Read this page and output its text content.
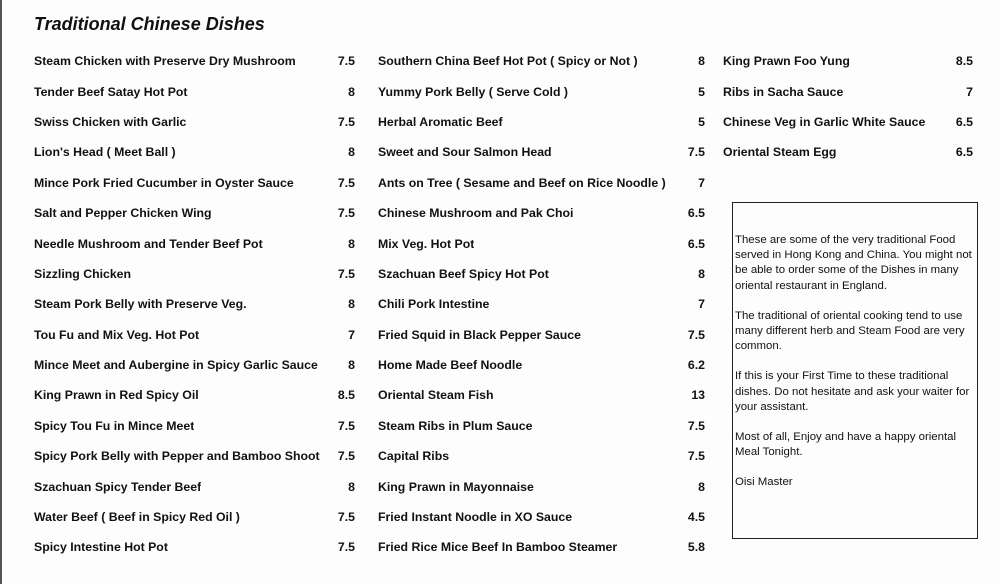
Traditional Chinese Dishes
Steam Chicken with Preserve Dry Mushroom	7.5
Tender Beef Satay Hot Pot	8
Swiss Chicken with Garlic	7.5
Lion's Head ( Meet Ball )	8
Mince Pork Fried Cucumber in Oyster Sauce	7.5
Salt and Pepper Chicken Wing	7.5
Needle Mushroom and Tender Beef Pot	8
Sizzling Chicken	7.5
Steam Pork Belly with Preserve Veg.	8
Tou Fu and Mix Veg. Hot Pot	7
Mince Meet and Aubergine in Spicy Garlic Sauce	8
King Prawn in Red Spicy Oil	8.5
Spicy Tou Fu in Mince Meet	7.5
Spicy Pork Belly with Pepper and Bamboo Shoot	7.5
Szachuan Spicy Tender Beef	8
Water Beef ( Beef in Spicy Red Oil )	7.5
Spicy Intestine Hot Pot	7.5
Southern China Beef Hot Pot ( Spicy or Not )	8
Yummy Pork Belly ( Serve Cold )	5
Herbal Aromatic Beef	5
Sweet and Sour Salmon Head	7.5
Ants on Tree ( Sesame and Beef on Rice Noodle )	7
Chinese Mushroom and Pak Choi	6.5
Mix Veg. Hot Pot	6.5
Szachuan Beef Spicy Hot Pot	8
Chili Pork Intestine	7
Fried Squid in Black Pepper Sauce	7.5
Home Made Beef Noodle	6.2
Oriental Steam Fish	13
Steam Ribs in Plum Sauce	7.5
Capital Ribs	7.5
King Prawn in Mayonnaise	8
Fried Instant Noodle in XO Sauce	4.5
Fried Rice Mice Beef In Bamboo Steamer	5.8
King Prawn Foo Yung	8.5
Ribs in Sacha Sauce	7
Chinese Veg in Garlic White Sauce	6.5
Oriental Steam Egg	6.5

These are some of the very traditional Food served in Hong Kong and China. You might not be able to order some of the Dishes in many oriental restaurant in England.

The traditional of oriental cooking tend to use many different herb and Steam Food are very common.

If this is your First Time to these traditional dishes. Do not hesitate and ask your waiter for your assistant.

Most of all, Enjoy and have a happy oriental Meal Tonight.

Oisi Master
